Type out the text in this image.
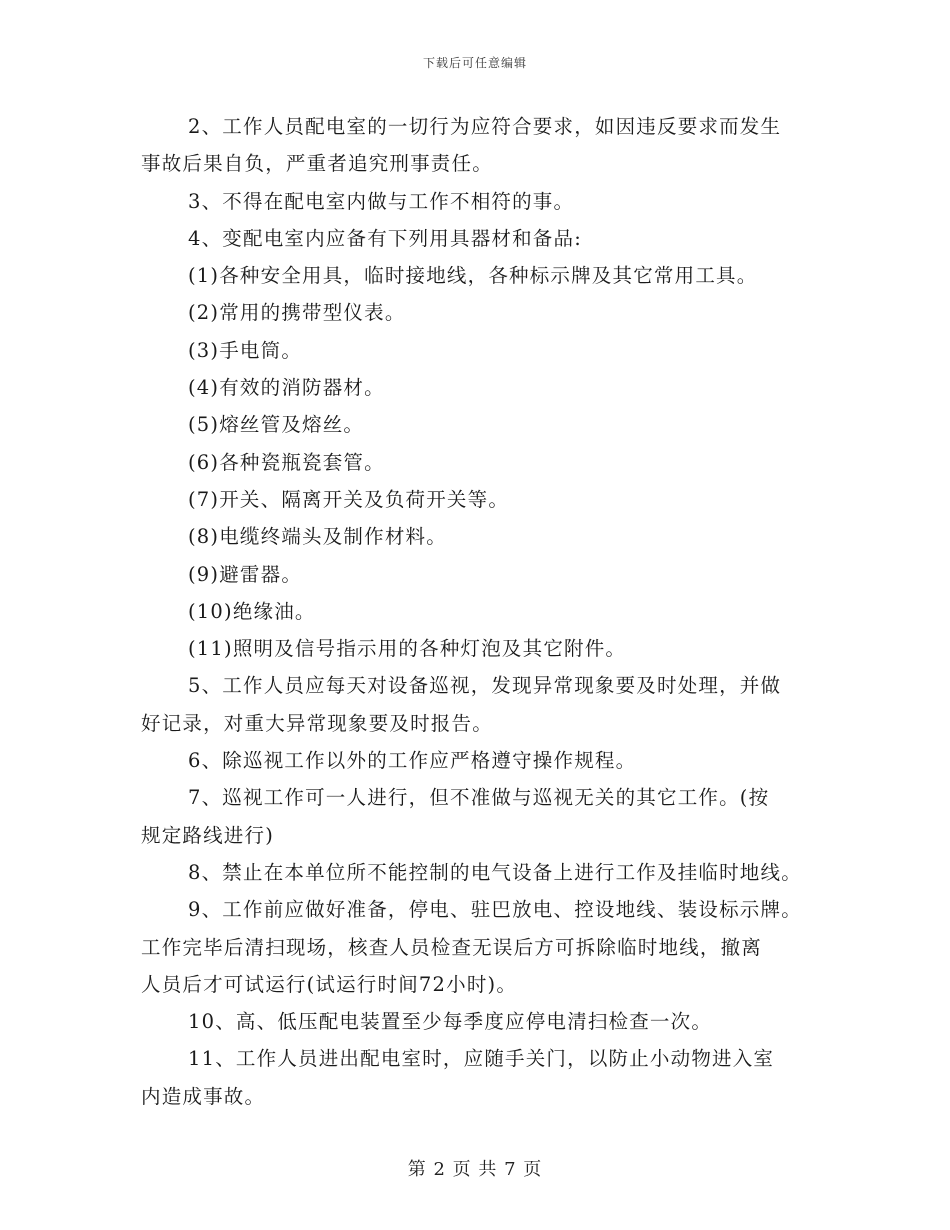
下载后可任意编辑
2、工作人员配电室的一切行为应符合要求，如因违反要求而发生
事故后果自负，严重者追究刑事责任。
3、不得在配电室内做与工作不相符的事。
4、变配电室内应备有下列用具器材和备品:
(1)各种安全用具，临时接地线，各种标示牌及其它常用工具。
(2)常用的携带型仪表。
(3)手电筒。
(4)有效的消防器材。
(5)熔丝管及熔丝。
(6)各种瓷瓶瓷套管。
(7)开关、隔离开关及负荷开关等。
(8)电缆终端头及制作材料。
(9)避雷器。
(10)绝缘油。
(11)照明及信号指示用的各种灯泡及其它附件。
5、工作人员应每天对设备巡视，发现异常现象要及时处理，并做
好记录，对重大异常现象要及时报告。
6、除巡视工作以外的工作应严格遵守操作规程。
7、巡视工作可一人进行，但不准做与巡视无关的其它工作。(按
规定路线进行)
8、禁止在本单位所不能控制的电气设备上进行工作及挂临时地线。
9、工作前应做好准备，停电、驻巴放电、控设地线、装设标示牌。
工作完毕后清扫现场，核查人员检查无误后方可拆除临时地线，撤离
人员后才可试运行(试运行时间72小时)。
10、高、低压配电装置至少每季度应停电清扫检查一次。
11、工作人员进出配电室时，应随手关门，以防止小动物进入室
内造成事故。
第 2 页 共 7 页
